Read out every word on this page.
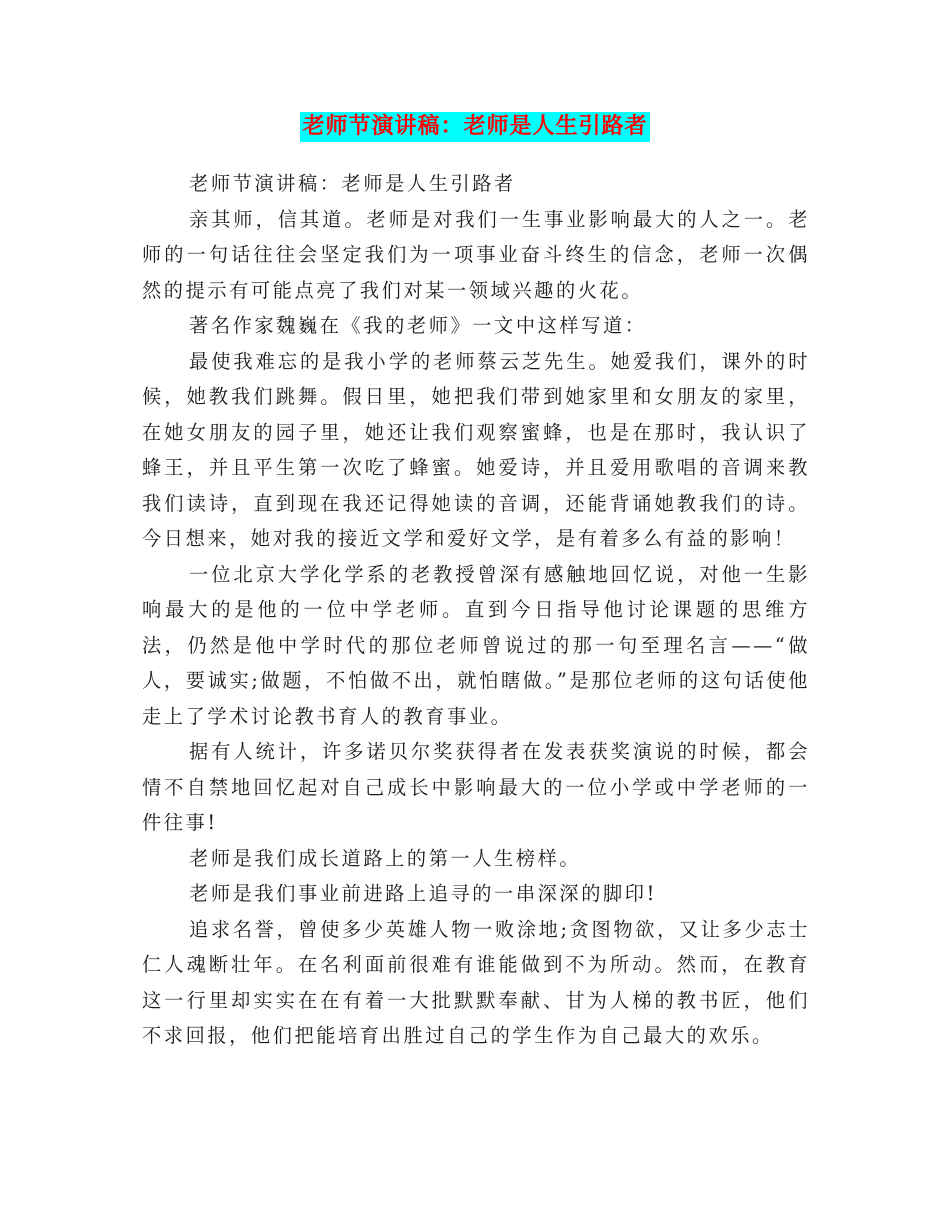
老师节演讲稿：老师是人生引路者

老师节演讲稿：老师是人生引路者

亲其师，信其道。老师是对我们一生事业影响最大的人之一。老师的一句话往往会坚定我们为一项事业奋斗终生的信念，老师一次偶然的提示有可能点亮了我们对某一领域兴趣的火花。

著名作家魏巍在《我的老师》一文中这样写道：

最使我难忘的是我小学的老师蔡云芝先生。她爱我们，课外的时候，她教我们跳舞。假日里，她把我们带到她家里和女朋友的家里，在她女朋友的园子里，她还让我们观察蜜蜂，也是在那时，我认识了蜂王，并且平生第一次吃了蜂蜜。她爱诗，并且爱用歌唱的音调来教我们读诗，直到现在我还记得她读的音调，还能背诵她教我们的诗。今日想来，她对我的接近文学和爱好文学，是有着多么有益的影响！

一位北京大学化学系的老教授曾深有感触地回忆说，对他一生影响最大的是他的一位中学老师。直到今日指导他讨论课题的思维方法，仍然是他中学时代的那位老师曾说过的那一句至理名言——“做人，要诚实;做题，不怕做不出，就怕瞎做。”是那位老师的这句话使他走上了学术讨论教书育人的教育事业。

据有人统计，许多诺贝尔奖获得者在发表获奖演说的时候，都会情不自禁地回忆起对自己成长中影响最大的一位小学或中学老师的一件往事!

老师是我们成长道路上的第一人生榜样。

老师是我们事业前进路上追寻的一串深深的脚印!

追求名誉，曾使多少英雄人物一败涂地;贪图物欲，又让多少志士仁人魂断壮年。在名利面前很难有谁能做到不为所动。然而，在教育这一行里却实实在在有着一大批默默奉献、甘为人梯的教书匠，他们不求回报，他们把能培育出胜过自己的学生作为自己最大的欢乐。
